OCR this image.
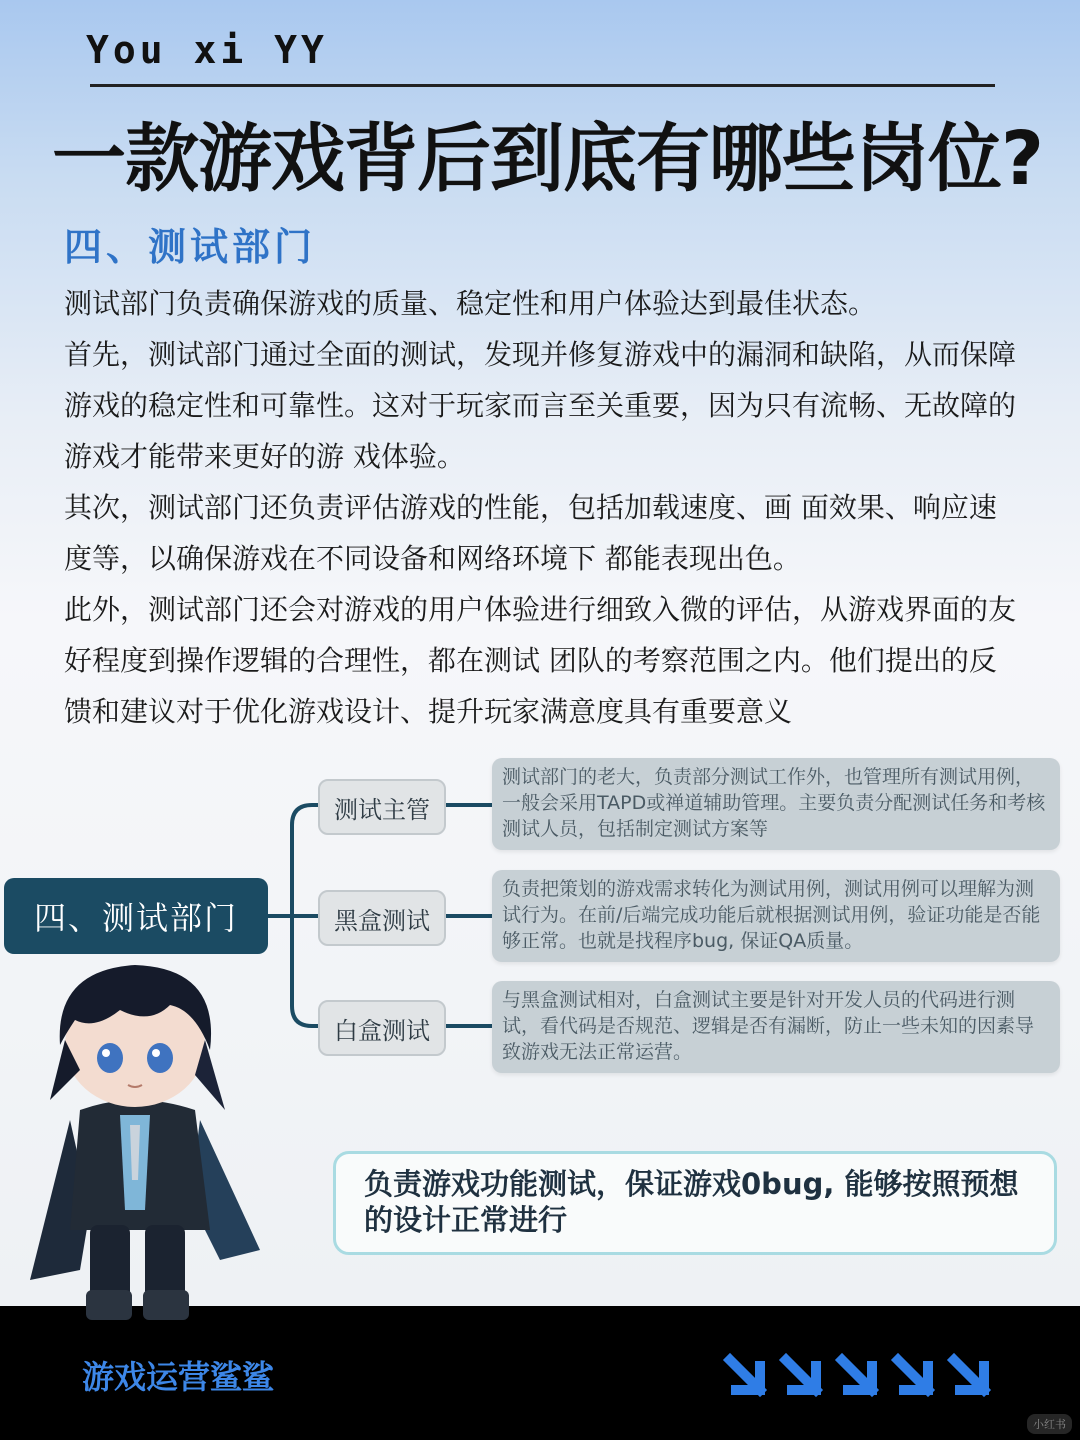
You xi YY
一款游戏背后到底有哪些岗位?
四、测试部门

测试部门负责确保游戏的质量、稳定性和用户体验达到最佳状态。

首先，测试部门通过全面的测试，发现并修复游戏中的漏洞和缺陷，从而保障游戏的稳定性和可靠性。这对于玩家而言至关重要，因为只有流畅、无故障的游戏才能带来更好的游 戏体验。

其次，测试部门还负责评估游戏的性能，包括加载速度、画 面效果、响应速度等，以确保游戏在不同设备和网络环境下 都能表现出色。

此外，测试部门还会对游戏的用户体验进行细致入微的评估，从游戏界面的友好程度到操作逻辑的合理性，都在测试 团队的考察范围之内。他们提出的反馈和建议对于优化游戏设计、提升玩家满意度具有重要意义

四、测试部门
测试主管
黑盒测试
白盒测试
测试部门的老大，负责部分测试工作外，也管理所有测试用例，一般会采用TAPD或禅道辅助管理。主要负责分配测试任务和考核测试人员，包括制定测试方案等
负责把策划的游戏需求转化为测试用例，测试用例可以理解为测试行为。在前/后端完成功能后就根据测试用例，验证功能是否能够正常。也就是找程序bug, 保证QA质量。
与黑盒测试相对，白盒测试主要是针对开发人员的代码进行测试，看代码是否规范、逻辑是否有漏断，防止一些未知的因素导致游戏无法正常运营。
负责游戏功能测试，保证游戏0bug, 能够按照预想的设计正常进行
游戏运营鲨鲨
小红书
